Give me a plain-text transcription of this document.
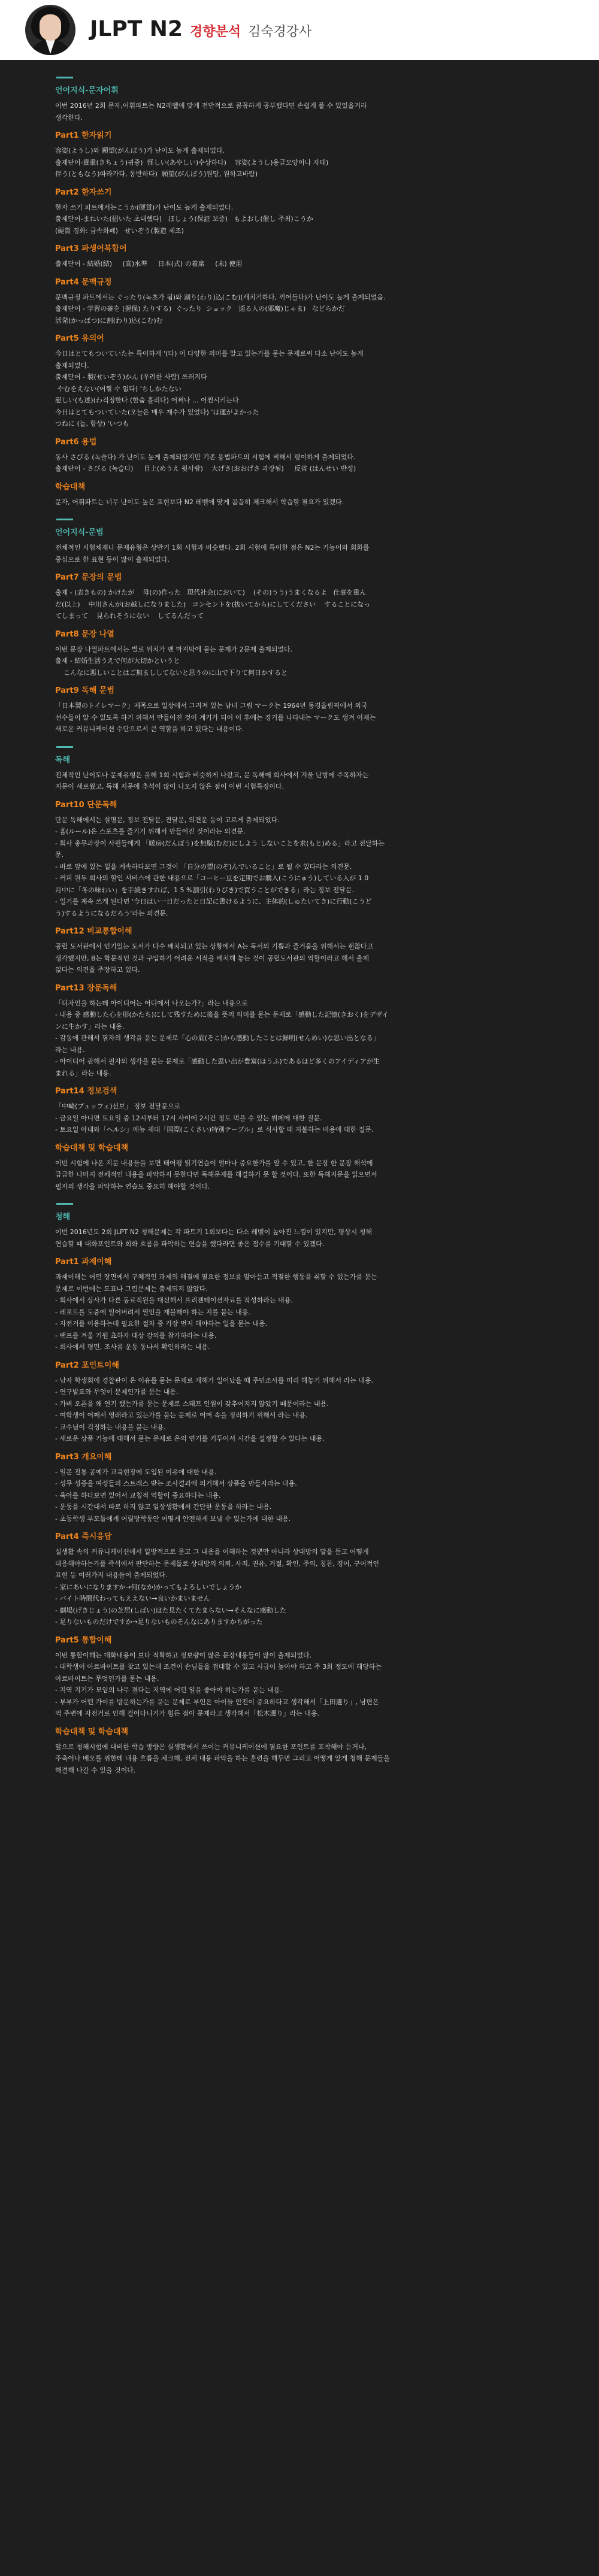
JLPT N2 경향분석 김숙경강사
언어지식-문자어휘

이번 2016년 2회 문자,어휘파트는 N2레벨에 맞게 전반적으로 꼼꼼하게 공부했다면 손쉽게 풀 수 있었을거라
생각한다.

Part1 한자읽기

容姿(ようし)와 願望(がんぼう)가 난이도 높게 출제되었다.
출제단어-貴重(きちょう)귀중)  怪しい(あやしい)수상하다)    容姿(ようし)용글모양이나 자태)
伴う(ともなう)따라가다, 동반하다)  願望(がんぼう)원망, 원하고바람)

Part2 한자쓰기

한자 쓰기 파트에서는こうか(硬貨)가 난이도 높게 출제되었다.
출제단어-まねいた(招いた 초대했다)   ほしょう(保証 보증)   もよおし(催し 주최)こうか
(硬貨 경화: 금속화폐)   せいぞう(製造 제조)

Part3 파생어복합어

출제단어 - 結婚(結)     (高)水準     日本(式) の着席     (未) 使用

Part4 문맥규정

문맥규정 파트에서는 ぐったり(녹초가 됨)와 割り(わり)込(こむ)(새치기하다, 끼어들다)가 난이도 높게 출제되었음.
출제단어 - 学習の確を (握保) たりする)  ぐったり  ショック   通る人の(邪魔)じゃま)   などらかだ
活発(かっぱつ)に割(わり)込(こむ)む

Part5 유의어

今日はとてもついていた는 특이하게 '(다) 이 다양한 의미를 알고 있는가를 묻는 문제로써 다소 난이도 높게
출제되었다.
출제단어 - 製(せいぞう)かん (우려한 사람) 쓰러지다
やむをえない(어쩔 수 없다) 'ちしかたない
慰しい(も述)(わ걱정한다 (한숨 흘리다) 어쩌나 ... 어쩐시키는다
今日はとてもついていた(오늘은 매우 재수가 있었다) 'は運がよかった
つねに (늘, 항상) 'いつも

Part6 용법

동사 さびる (녹슬다) 가 난이도 높게 출제되었지만 기존 용법파트의 시험에 비해서 평이하게 출제되었다.
출제단어 - さびる (녹슬다)     目上(めうえ 윗사람)    大げさ(おおげさ 과장됨)     反省 (はんせい 반성)

학습대책

문자, 어휘파트는 너무 난이도 높은 표현보다 N2 레벨에 맞게 꼼꼼히 체크해서 학습할 필요가 있겠다.

언어지식-문법

전체적인 시험체제나 문제유형은 상반기 1회 시험과 비슷했다. 2회 시험에 특이한 점은 N2는 기능어와 회화를
중심으로 한 표현 등이 많이 출제되었다.

Part7 문장의 문법

출제 - (表きもの) かけたが    母(の)作った   現代社会(において)    (その)うう)うまくなるよ   仕事を重ん
だ(以上)    中川さんが(お越しになりました)   コンセントを(抜いてから)にしてください    することになっ
てしまって    見られそうにない    してるんだって

Part8 문장 나열

이번 문장 나열파트에서는 별로 위치가 맨 마지막에 묻는 문제가 2문제 출제되었다.
출제 - 結婚生活うえで何が大切かというと
こんなに悪しいことはご無まししてないと思うのに山で下りて何日かすると

Part9 독해 문법

「日本製のトイレマーク」제목으로 일상에서 그려져 있는 남녀 그림 マーク는 1964년 동경올림픽에서 외국
선수들이 알 수 있도록 하기 위해서 만들어진 것이 계기가 되어 이 후에는 경기를 나타내는 マーク도 생겨 이제는
새로운 커뮤니케이션 수단으로서 큰 역할을 하고 있다는 내용이다.

독해

전체적인 난이도나 문제유형은 올해 1회 시험과 비슷하게 나왔고, 문 독해에 회사에서 겨울 난방에 주목하자는
지문이 새로웠고, 독해 지문에 추석이 많이 나오지 않은 점이 이번 시험특징이다.

Part10 단문독해

단문 독해에서는 설명문, 정보 전달문, 견달문, 의견문 등이 고르게 출제되었다.
- 홈(ルール)은 스포츠를 즐기기 위해서 만들어진 것이라는 의견문.
- 회사 총무과장이 사원들에게 「暖房(だんぼう)を無駄(むだ)にしよう しないことを求(もと)める」라고 전달하는
문.
- 바로 앞에 있는 일을 계속하다보면 그것이 「自分の望(のぞ)んでいること」로 될 수 있다라는 의견문.
- 커피 원두 회사의 할인 서비스에 관한 내용으로「コーヒー豆を定期でお購入(こうにゅう)している人が 1 0
月中に「冬の味わい」を手続きすれば、1 5 %割引(わりびき)で買うことができる」라는 정보 전달문.
- 일기를 계속 쓰게 된다면 '今日はい一日だったと日記に書けるように、主体的(しゅたいてき)に行動(こうど
う)するようになるだろう'라는 의견문.

Part12 비교통합이해

공립 도서관에서 인기있는 도서가 다수 배치되고 있는 상황에서 A는 독서의 기쁨과 즐거움을 위해서는 괜찮다고
생각했지만, B는 학문적인 것과 구입하기 어려운 서적을 배치해 놓는 것이 공립도서관의 역할이라고 해서 출제
없다는 의견을 주장하고 있다.

Part13 장문독해

「디자인을 하는데 아이디어는 어디에서 나오는가?」라는 내용으로
- 내용 중 感動した心を形(かたち)にして残すために後을 뜻의 의미를 묻는 문제로「感動した記憶(きおく)をデザイ
ンに生かす」라는 내용.
- 감동에 관해서 필자의 생각을 묻는 문제로「心の底(そこ)から感動したことは鮮明(せんめい)な思い出となる」
라는 내용.
- 아이디어 관해서 필자의 생각을 묻는 문제로「感動した思い出が豊富(ほうふ)であるほど多くのアイディアが生
まれる」라는 내용.

Part14 정보검색

「中崎(ブュッフェ)선보」 정보 전달문으로
- 금요일 아니면 토요일 중 12시부터 17시 사이에 2시간 정도 먹을 수 있는 뷔페에 대한 질문.
- 토요일 아내와「ヘルシ」메뉴 제대「国際(こくさい)特別テーブル」로 식사할 때 지불하는 비용에 대한 질문.

학습대책 및 학습대책

이번 시험에 나온 지문 내용들을 보면 태어평 읽기연습이 얼마나 중요한가를 알 수 있고, 한 문장 한 문장 해석에
급급한 나머지 전체적인 내용을 파악하지 못한다면 독해문제를 해결하기 못 할 것이다. 또한 독해지문을 읽으면서
필자의 생각을 파악하는 연습도 중요히 해야할 것이다.

청해

이번 2016년도 2회 JLPT N2 청해문제는 각 파트기 1회보다는 다소 레벨이 높아진 느낌이 있지만, 평상시 청해
연습할 때 대화포인트와 회화 흐름을 파악하는 연습을 했다라면 좋은 점수를 기대할 수 있겠다.

Part1 과제이해

과제이해는 어떤 장면에서 구체적인 과제의 해결에 필요한 정보를 알아듣고 적절한 행동을 취할 수 있는가를 묻는
문제로 이번에는 도표나 그림문제는 출제되지 않았다.
- 회사에서 상사가 다른 동료직원을 대신해서 프리젠테이션자료를 작성하라는 내용.
- 레포트를 도중에 일어버려서 열인을 재불해야 하는 지를 묻는 내용.
- 자전거를 이용하는데 필요한 절차 중 가장 먼저 해야하는 일을 묻는 내용.
- 팬프를 겨울 기원 쵸하자 대상 강의를 참가하라는 내용.
- 회사에서 평민, 조사를 운동 동나서 확인하라는 내용.

Part2 포인트이해

- 남자 학생회에 경찰관이 온 이유를 묻는 문제로 재해가 일어났을 때 주민조사를 미리 해놓기 위해서 라는 내용.
- 연구발표와 무엇이 문제인가를 묻는 내용.
- 가벼 오픈을 왜 연기 했는가를 묻는 문제로 스태프 인원이 갖추어지지 않았기 때문이라는 내용.
- 여학생이 어째서 영래라고 있는가를 묻는 문제로 어머 속을 정리하기 위해서 라는 내용.
- 교수님이 걱정하는 내용을 묻는 내용.
- 새로운 상품 기능에 대해서 묻는 문제로 온의 연기를 키두어서 시간을 설정할 수 있다는 내용.

Part3 개요이해

- 일본 전통 공예가 교육현장에 도입된 이유에 대한 내용.
- 성무 성증을 여성들의 스트레스 받는 조사결과에 의거해서 상품을 만들자라는 내용.
- 육아를 하다보면 있어서 교칭적 역할이 중요하다는 내용.
- 운동을 시간대서 따로 하지 않고 일상생활에서 간단한 운동을 하라는 내용.
- 초등학생 부모들에게 어릴방학동안 어떻게 안전하게 보낼 수 있는가에 대한 내용.

Part4 즉시응답

실생활 속의 커뮤니케이션에서 일방적으로 묻고 그 내용을 이해하는 것뿐만 아니라 상대방의 말을 듣고 어떻게
대응해야하는가를 즉석에서 판단하는 문제들로 상대방의 의뢰, 사죄, 권유, 거절, 확인, 주의, 칭찬, 경어, 구어적인
표현 등 여러가지 내용들이 출제되었다.
- 家にあいになりますか→何(なか)かってもよろしいでしょうか
- バイト時間代わってもええない→良いかまいません
- 劇場(げきじょう)の芝居(しばい)はた見たくてたまらない→そんなに感動した
- 足りないものだけですか→足りないものそんなにありますかちがった

Part5 통합이해

이번 통합이해는 대화내용이 보다 적확하고 정보량이 많은 문장내용들이 많이 출제되었다.
- 대학생이 아르바이트를 찾고 있는데 조건이 손님들을 접대할 수 있고 시급이 높아야 하고 주 3회 정도에 해당하는
아르바이트는 무엇인가를 묻는 내용.
- 지역 지기가 모임의 나무 결다는 지역에 어떤 일을 좋아야 하는가를 묻는 내용.
- 부부가 어떤 가이를 방문하는가를 묻는 문제로 부인은 아이들 안전이 중요하다고 생각해서「上田遷り」, 남편은
역 주변에 자전거로 인해 걸어다니기가 힘든 점이 문제라고 생각해서「松木遷り」라는 내용.

학습대책 및 학습대책

앞으로 청해시험에 대비한 학습 방향은 실생활에서 쓰이는 커뮤니케이션에 필요한 포인트를 포착해야 듣거나,
주축어나 배오를 위한데 내용 흐름을 체크해, 전체 내용 파악을 하는 훈련을 해두면 그리고 어떻게 앞게 청해 문제들을
해결해 나갈 수 있을 것이다.
